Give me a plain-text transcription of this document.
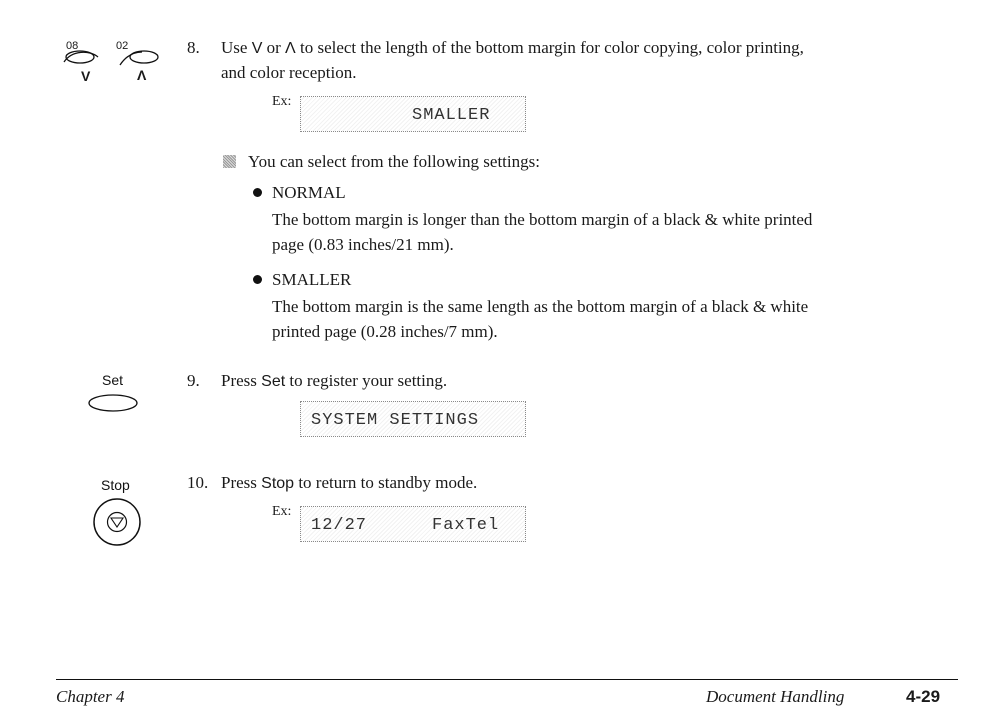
08	02
V	Λ
Set
Stop
8. Use V or Λ to select the length of the bottom margin for color copying, color printing,
and color reception.
Ex:
SMALLER
You can select from the following settings:
NORMAL
The bottom margin is longer than the bottom margin of a black & white printed
page (0.83 inches/21 mm).
SMALLER
The bottom margin is the same length as the bottom margin of a black & white
printed page (0.28 inches/7 mm).
9. Press Set to register your setting.
SYSTEM SETTINGS
10. Press Stop to return to standby mode.
Ex:
12/27	FaxTel
Chapter 4	Document Handling	4-29
